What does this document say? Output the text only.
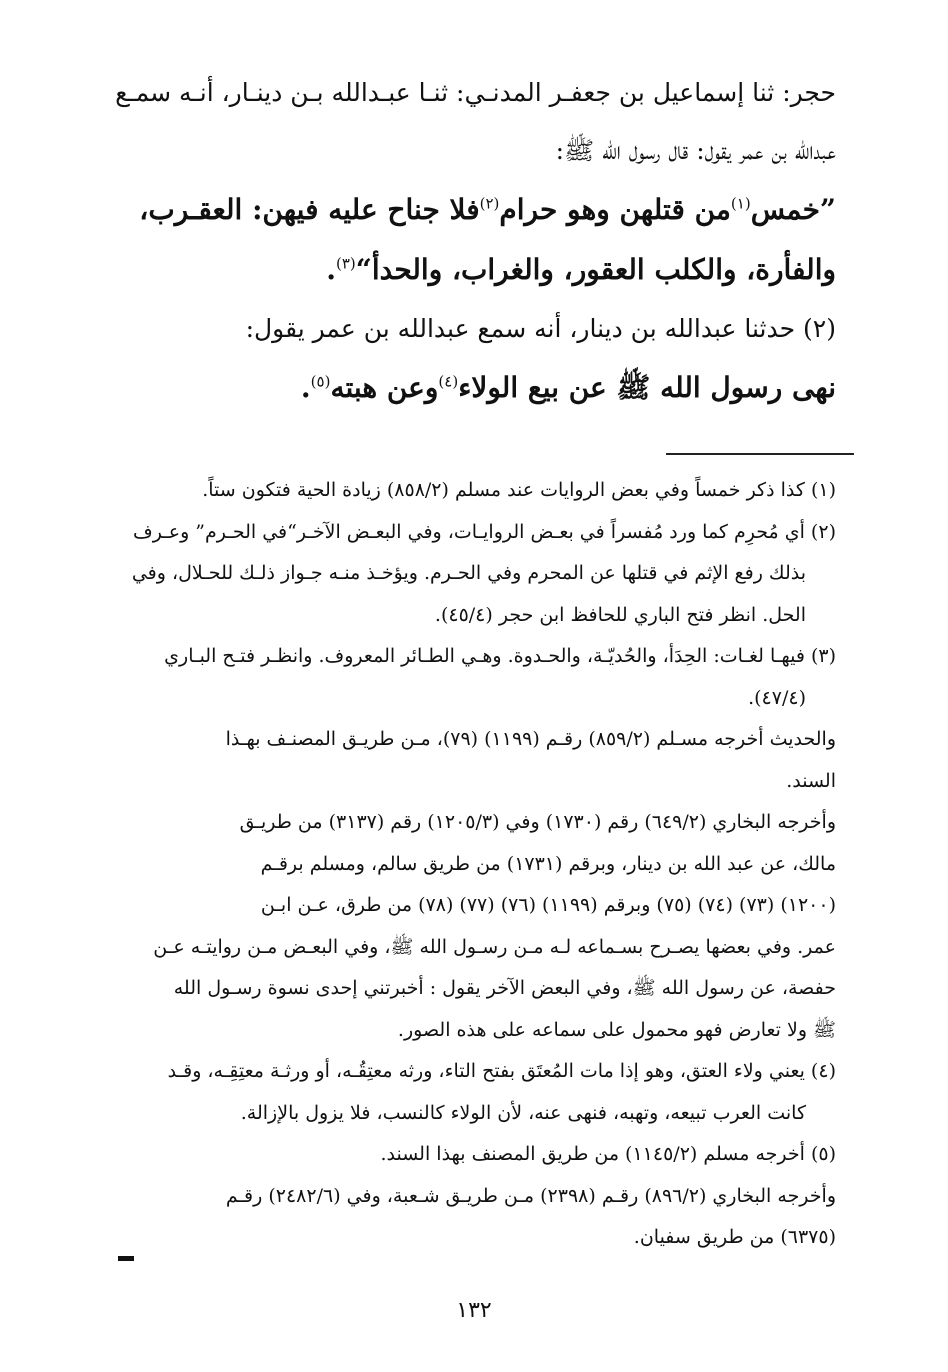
حجر: ثنا إسماعيل بن جعفـر المدنـي: ثنـا عبـدالله بـن دينـار، أنـه سمـع
عبدالله بن عمر يقول: قال رسول الله ﷺ:
”خمس$^{(١)}$من قتلهن وهو حرام$^{(٢)}$فلا جناح عليه فيهن: العقـرب،
والفأرة، والكلب العقور، والغراب، والحدأ“$^{(٣)}$.
(٢) حدثنا عبدالله بن دينار، أنه سمع عبدالله بن عمر يقول:
نهى رسول الله ﷺ عن بيع الولاء$^{(٤)}$وعن هبته$^{(٥)}$.

(١) كذا ذكر خمساً وفي بعض الروايات عند مسلم (٨٥٨/٢) زيادة الحية فتكون ستاً.

(٢) أي مُحرِم كما ورد مُفسراً في بعـض الروايـات، وفي البعـض الآخـر“في الحـرم” وعـرف

بذلك رفع الإثم في قتلها عن المحرم وفي الحـرم. ويؤخـذ منـه جـواز ذلـك للحـلال، وفي

الحل. انظر فتح الباري للحافظ ابن حجر (٤٥/٤).

(٣) فيهـا لغـات: الحِدَأ، والحُديّـة، والحـدوة. وهـي الطـائر المعروف. وانظـر فتـح البـاري

(٤٧/٤).

والحديث أخرجه مسـلم (٨٥٩/٢) رقـم (١١٩٩) (٧٩)، مـن طريـق المصنـف بهـذا

السند.

وأخرجه البخاري (٦٤٩/٢) رقم (١٧٣٠) وفي (١٢٠٥/٣) رقم (٣١٣٧) من طريـق

مالك، عن عبد الله بن دينار، وبرقم (١٧٣١) من طريق سالم، ومسلم برقـم

(١٢٠٠) (٧٣) (٧٤) (٧٥) وبرقم (١١٩٩) (٧٦) (٧٧) (٧٨) من طرق، عـن ابـن

عمر. وفي بعضها يصـرح بسـماعه لـه مـن رسـول الله ﷺ، وفي البعـض مـن روايتـه عـن

حفصة، عن رسول الله ﷺ، وفي البعض الآخر يقول : أخبرتني إحدى نسوة رسـول الله

ﷺ ولا تعارض فهو محمول على سماعه على هذه الصور.

(٤) يعني ولاء العتق، وهو إذا مات المُعتَق بفتح التاء، ورثه معتِقُـه، أو ورثـة معتِقِـه، وقـد

كانت العرب تبيعه، وتهبه، فنهى عنه، لأن الولاء كالنسب، فلا يزول بالإزالة.

(٥) أخرجه مسلم (١١٤٥/٢) من طريق المصنف بهذا السند.

وأخرجه البخاري (٨٩٦/٢) رقـم (٢٣٩٨) مـن طريـق شـعبة، وفي (٢٤٨٢/٦) رقـم

(٦٣٧٥) من طريق سفيان.

١٣٢
